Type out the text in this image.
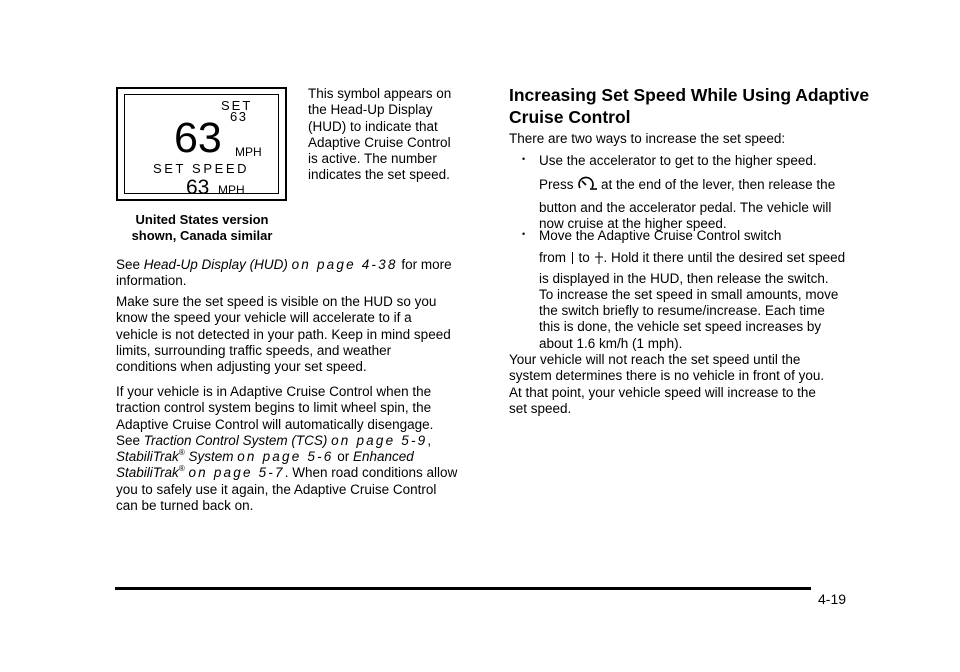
SET
63
63 MPH
SET SPEED
63 MPH
United States version
shown, Canada similar
This symbol appears on
the Head-Up Display
(HUD) to indicate that
Adaptive Cruise Control
is active. The number
indicates the set speed.
See Head-Up Display (HUD) on page 4-38 for more
information.
Make sure the set speed is visible on the HUD so you
know the speed your vehicle will accelerate to if a
vehicle is not detected in your path. Keep in mind speed
limits, surrounding traffic speeds, and weather
conditions when adjusting your set speed.
If your vehicle is in Adaptive Cruise Control when the
traction control system begins to limit wheel spin, the
Adaptive Cruise Control will automatically disengage.
See Traction Control System (TCS) on page 5-9,
StabiliTrak® System on page 5-6 or Enhanced
StabiliTrak® on page 5-7. When road conditions allow
you to safely use it again, the Adaptive Cruise Control
can be turned back on.
Increasing Set Speed While Using Adaptive
Cruise Control
There are two ways to increase the set speed:
• Use the accelerator to get to the higher speed.
Press  at the end of the lever, then release the
button and the accelerator pedal. The vehicle will
now cruise at the higher speed.
• Move the Adaptive Cruise Control switch
from  to . Hold it there until the desired set speed
is displayed in the HUD, then release the switch.
To increase the set speed in small amounts, move
the switch briefly to resume/increase. Each time
this is done, the vehicle set speed increases by
about 1.6 km/h (1 mph).
Your vehicle will not reach the set speed until the
system determines there is no vehicle in front of you.
At that point, your vehicle speed will increase to the
set speed.
4-19
